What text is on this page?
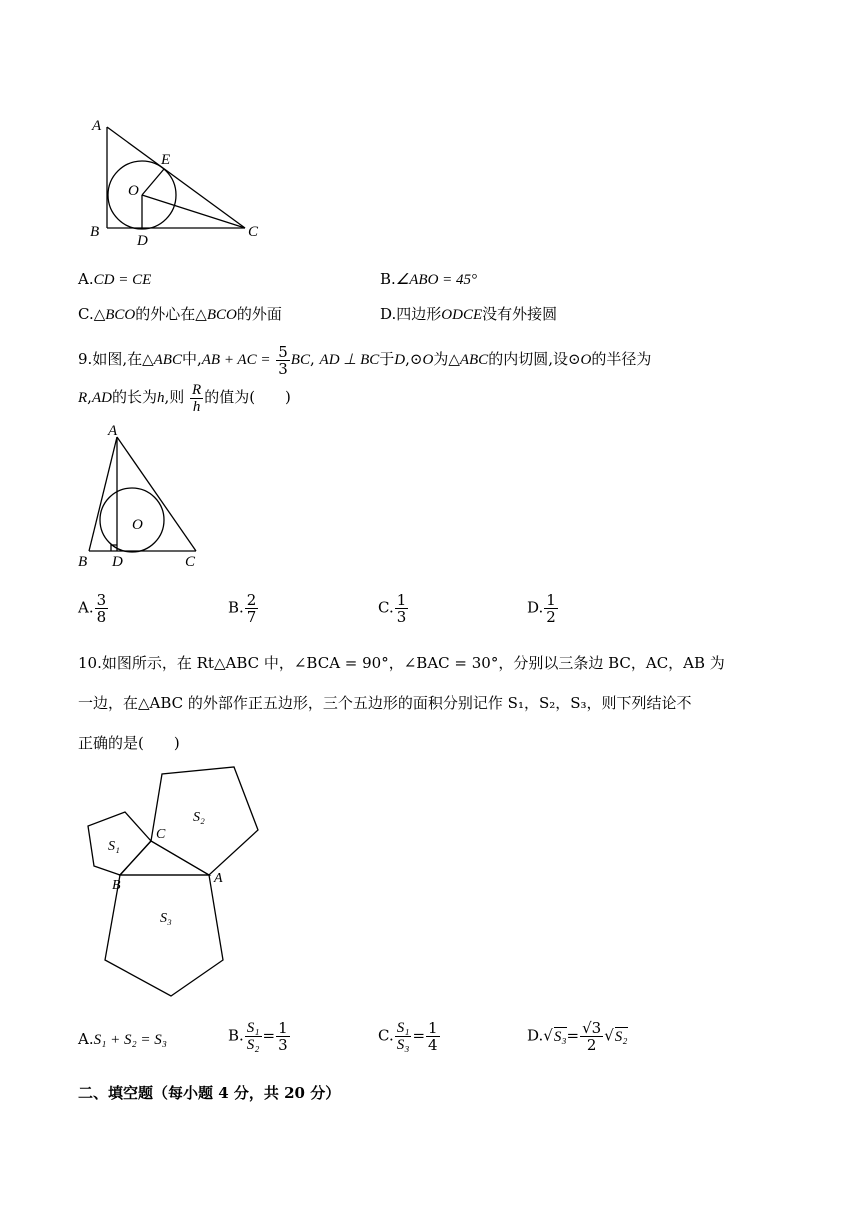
A
E
O
B
D
C
A.CD = CE	B.∠ABO = 45°
C.△BCO的外心在△BCO的外面	D.四边形ODCE没有外接圆
9.如图,在△ABC中,AB + AC = $\frac{5}{3}$ BC, AD ⊥ BC于D,⊙O为△ABC的内切圆,设⊙O的半径为
R,AD的长为h,则 $\frac{R}{h}$ 的值为(　　)
A
O
B D	C
A. $\frac{3}{8}$	B. $\frac{2}{7}$	C. $\frac{1}{3}$	D. $\frac{1}{2}$
10.如图所示，在 Rt△ABC 中，∠BCA = 90°，∠BAC = 30°，分别以三条边 BC，AC，AB 为
一边，在△ABC 的外部作正五边形，三个五边形的面积分别记作 S₁，S₂，S₃，则下列结论不
正确的是(　　)
S₁
S₂
S₃
C
B	A
A.S₁ + S₂ = S₃	B. $\frac{\text{S₁}}{\text{S₂}} = \frac{1}{3}$	C. $\frac{\text{S₁}}{\text{S₃}} = \frac{1}{4}$	$D.√S_3= \frac{√3}{2} √S_2$
二、填空题（每小题 4 分，共 20 分）
